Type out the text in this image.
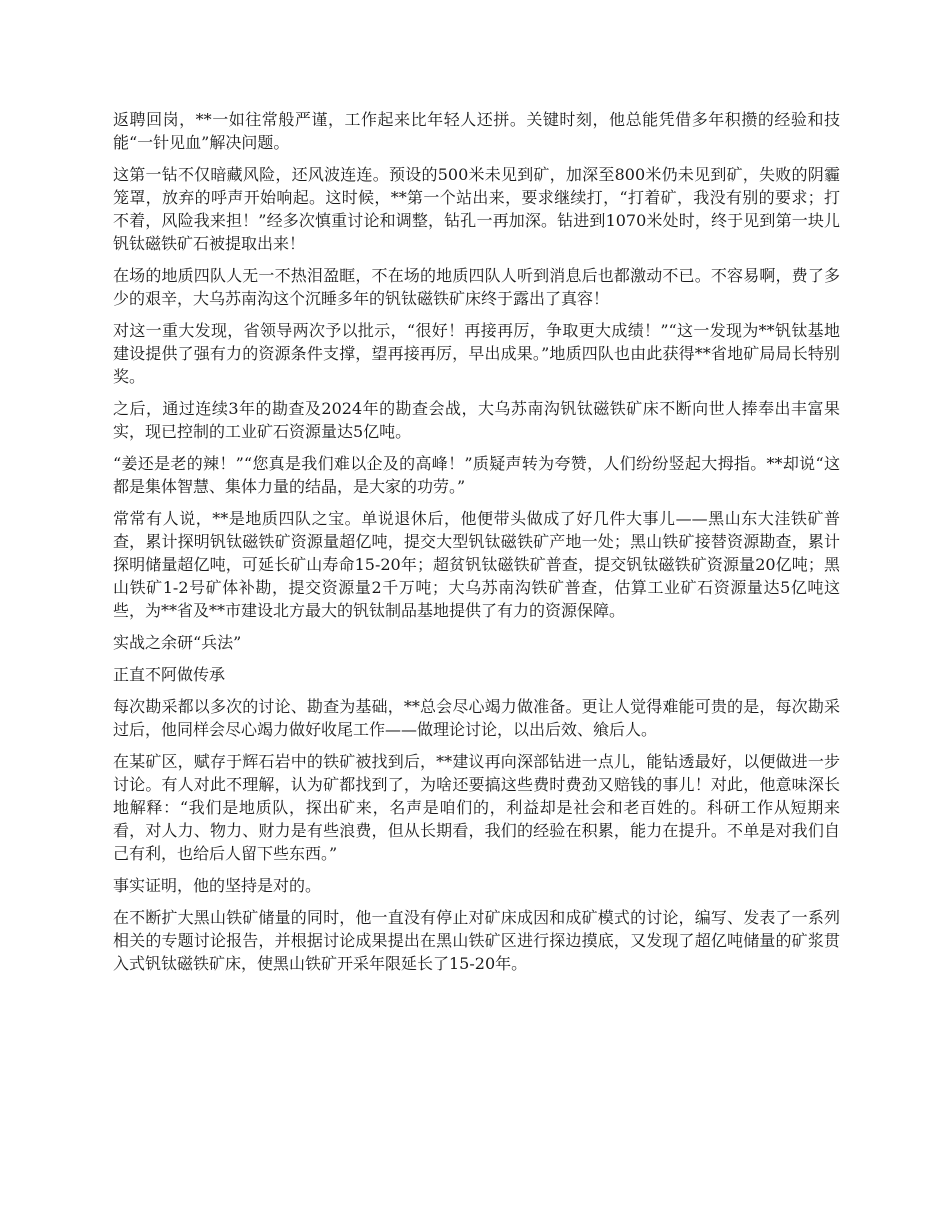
返聘回岗，**一如往常般严谨，工作起来比年轻人还拼。关键时刻，他总能凭借多年积攒的经验和技能“一针见血”解决问题。

这第一钻不仅暗藏风险，还风波连连。预设的500米未见到矿，加深至800米仍未见到矿，失败的阴霾笼罩，放弃的呼声开始响起。这时候，**第一个站出来，要求继续打，“打着矿，我没有别的要求；打不着，风险我来担！”经多次慎重讨论和调整，钻孔一再加深。钻进到1070米处时，终于见到第一块儿钒钛磁铁矿石被提取出来！

在场的地质四队人无一不热泪盈眶，不在场的地质四队人听到消息后也都激动不已。不容易啊，费了多少的艰辛，大乌苏南沟这个沉睡多年的钒钛磁铁矿床终于露出了真容！

对这一重大发现，省领导两次予以批示，“很好！再接再厉，争取更大成绩！”“这一发现为**钒钛基地建设提供了强有力的资源条件支撑，望再接再厉，早出成果。”地质四队也由此获得**省地矿局局长特别奖。

之后，通过连续3年的勘查及2024年的勘查会战，大乌苏南沟钒钛磁铁矿床不断向世人捧奉出丰富果实，现已控制的工业矿石资源量达5亿吨。

“姜还是老的辣！”“您真是我们难以企及的高峰！”质疑声转为夸赞，人们纷纷竖起大拇指。**却说“这都是集体智慧、集体力量的结晶，是大家的功劳。”

常常有人说，**是地质四队之宝。单说退休后，他便带头做成了好几件大事儿——黑山东大洼铁矿普查，累计探明钒钛磁铁矿资源量超亿吨，提交大型钒钛磁铁矿产地一处；黑山铁矿接替资源勘查，累计探明储量超亿吨，可延长矿山寿命15-20年；超贫钒钛磁铁矿普查，提交钒钛磁铁矿资源量20亿吨；黑山铁矿1-2号矿体补勘，提交资源量2千万吨；大乌苏南沟铁矿普查，估算工业矿石资源量达5亿吨这些，为**省及**市建设北方最大的钒钛制品基地提供了有力的资源保障。

实战之余研“兵法”

正直不阿做传承

每次勘采都以多次的讨论、勘查为基础，**总会尽心竭力做准备。更让人觉得难能可贵的是，每次勘采过后，他同样会尽心竭力做好收尾工作——做理论讨论，以出后效、飨后人。

在某矿区，赋存于辉石岩中的铁矿被找到后，**建议再向深部钻进一点儿，能钻透最好，以便做进一步讨论。有人对此不理解，认为矿都找到了，为啥还要搞这些费时费劲又赔钱的事儿！对此，他意味深长地解释：“我们是地质队，探出矿来，名声是咱们的，利益却是社会和老百姓的。科研工作从短期来看，对人力、物力、财力是有些浪费，但从长期看，我们的经验在积累，能力在提升。不单是对我们自己有利，也给后人留下些东西。”

事实证明，他的坚持是对的。

在不断扩大黑山铁矿储量的同时，他一直没有停止对矿床成因和成矿模式的讨论，编写、发表了一系列相关的专题讨论报告，并根据讨论成果提出在黑山铁矿区进行探边摸底，又发现了超亿吨储量的矿浆贯入式钒钛磁铁矿床，使黑山铁矿开采年限延长了15-20年。
